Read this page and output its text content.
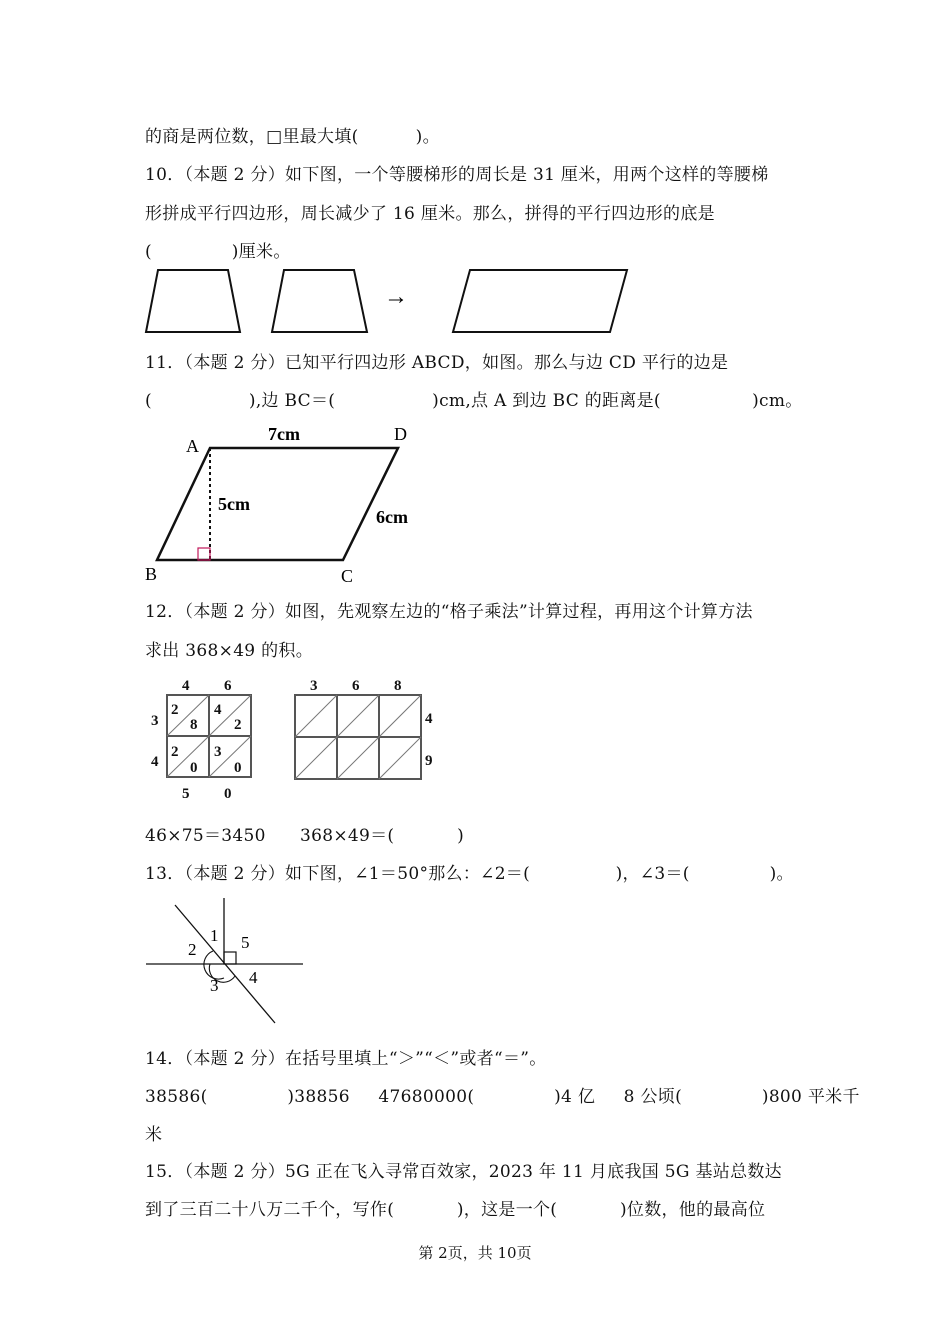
的商是两位数，□里最大填(          )。
10．（本题 2 分）如下图，一个等腰梯形的周长是 31 厘米，用两个这样的等腰梯
形拼成平行四边形，周长减少了 16 厘米。那么，拼得的平行四边形的底是
(              )厘米。
→
11．（本题 2 分）已知平行四边形 ABCD，如图。那么与边 CD 平行的边是
(                 ),边 BC＝(                 )cm,点 A 到边 BC 的距离是(                )cm。
A
D
B	C
7cm
5cm
6cm
12．（本题 2 分）如图，先观察左边的“格子乘法”计算过程，再用这个计算方法
求出 368×49 的积。
4 6
3
4
5 0
2
8
4
2
2
0
3
0
3 6 8
4
9
46×75＝3450      368×49＝(           )
13．（本题 2 分）如下图，∠1＝50°那么：∠2＝(               )，∠3＝(              )。
1
2
3 4
5
14．（本题 2 分）在括号里填上“＞”“＜”或者“＝”。
38586(              )38856     47680000(              )4 亿     8 公顷(              )800 平米千
米
15．（本题 2 分）5G 正在飞入寻常百效家，2023 年 11 月底我国 5G 基站总数达
到了三百二十八万二千个，写作(           )，这是一个(           )位数，他的最高位
第 2页，共 10页
